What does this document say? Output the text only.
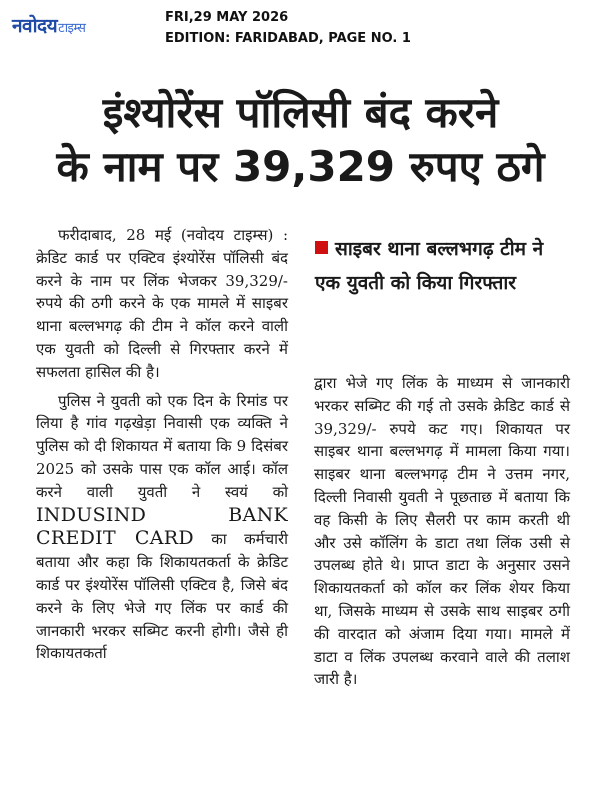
नवोदयटाइम्स
FRI,29 MAY 2026
EDITION: FARIDABAD, PAGE NO. 1
इंश्योरेंस पॉलिसी बंद करने
के नाम पर 39,329 रुपए ठगे

फरीदाबाद, 28 मई (नवोदय टाइम्स) : क्रेडिट कार्ड पर एक्टिव इंश्योरेंस पॉलिसी बंद करने के नाम पर लिंक भेजकर 39,329/- रुपये की ठगी करने के एक मामले में साइबर थाना बल्लभगढ़ की टीम ने कॉल करने वाली एक युवती को दिल्ली से गिरफ्तार करने में सफलता हासिल की है।

पुलिस ने युवती को एक दिन के रिमांड पर लिया है गांव गढ़खेड़ा निवासी एक व्यक्ति ने पुलिस को दी शिकायत में बताया कि 9 दिसंबर 2025 को उसके पास एक कॉल आई। कॉल करने वाली युवती ने स्वयं को INDUSIND BANK CREDIT CARD का कर्मचारी बताया और कहा कि शिकायतकर्ता के क्रेडिट कार्ड पर इंश्योरेंस पॉलिसी एक्टिव है, जिसे बंद करने के लिए भेजे गए लिंक पर कार्ड की जानकारी भरकर सब्मिट करनी होगी। जैसे ही शिकायतकर्ता

साइबर थाना बल्लभगढ़ टीम ने एक युवती को किया गिरफ्तार

द्वारा भेजे गए लिंक के माध्यम से जानकारी भरकर सब्मिट की गई तो उसके क्रेडिट कार्ड से 39,329/- रुपये कट गए। शिकायत पर साइबर थाना बल्लभगढ़ में मामला किया गया।साइबर थाना बल्लभगढ़ टीम ने उत्तम नगर, दिल्ली निवासी युवती ने पूछताछ में बताया कि वह किसी के लिए सैलरी पर काम करती थी और उसे कॉलिंग के डाटा तथा लिंक उसी से उपलब्ध होते थे। प्राप्त डाटा के अनुसार उसने शिकायतकर्ता को कॉल कर लिंक शेयर किया था, जिसके माध्यम से उसके साथ साइबर ठगी की वारदात को अंजाम दिया गया। मामले में डाटा व लिंक उपलब्ध करवाने वाले की तलाश जारी है।
